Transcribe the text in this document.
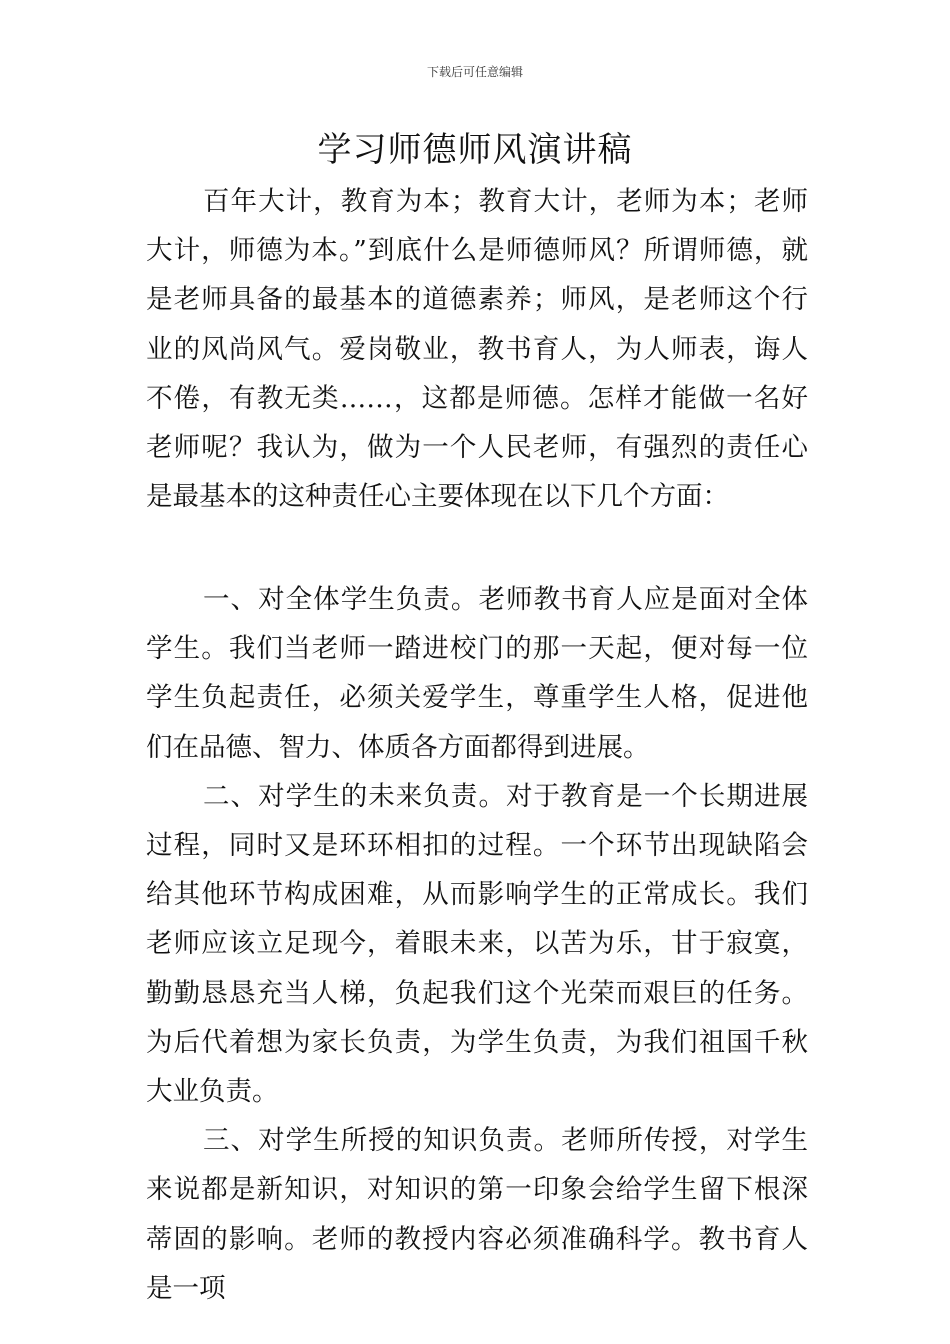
下载后可任意编辑
学习师德师风演讲稿

百年大计，教育为本；教育大计，老师为本；老师大计，师德为本。”到底什么是师德师风？所谓师德，就是老师具备的最基本的道德素养；师风，是老师这个行业的风尚风气。爱岗敬业，教书育人，为人师表，诲人不倦，有教无类……，这都是师德。怎样才能做一名好老师呢？我认为，做为一个人民老师，有强烈的责任心是最基本的这种责任心主要体现在以下几个方面：

一、对全体学生负责。老师教书育人应是面对全体学生。我们当老师一踏进校门的那一天起，便对每一位学生负起责任，必须关爱学生，尊重学生人格，促进他们在品德、智力、体质各方面都得到进展。

二、对学生的未来负责。对于教育是一个长期进展过程，同时又是环环相扣的过程。一个环节出现缺陷会给其他环节构成困难，从而影响学生的正常成长。我们老师应该立足现今，着眼未来，以苦为乐，甘于寂寞，勤勤恳恳充当人梯，负起我们这个光荣而艰巨的任务。为后代着想为家长负责，为学生负责，为我们祖国千秋大业负责。

三、对学生所授的知识负责。老师所传授，对学生来说都是新知识，对知识的第一印象会给学生留下根深蒂固的影响。老师的教授内容必须准确科学。教书育人是一项
